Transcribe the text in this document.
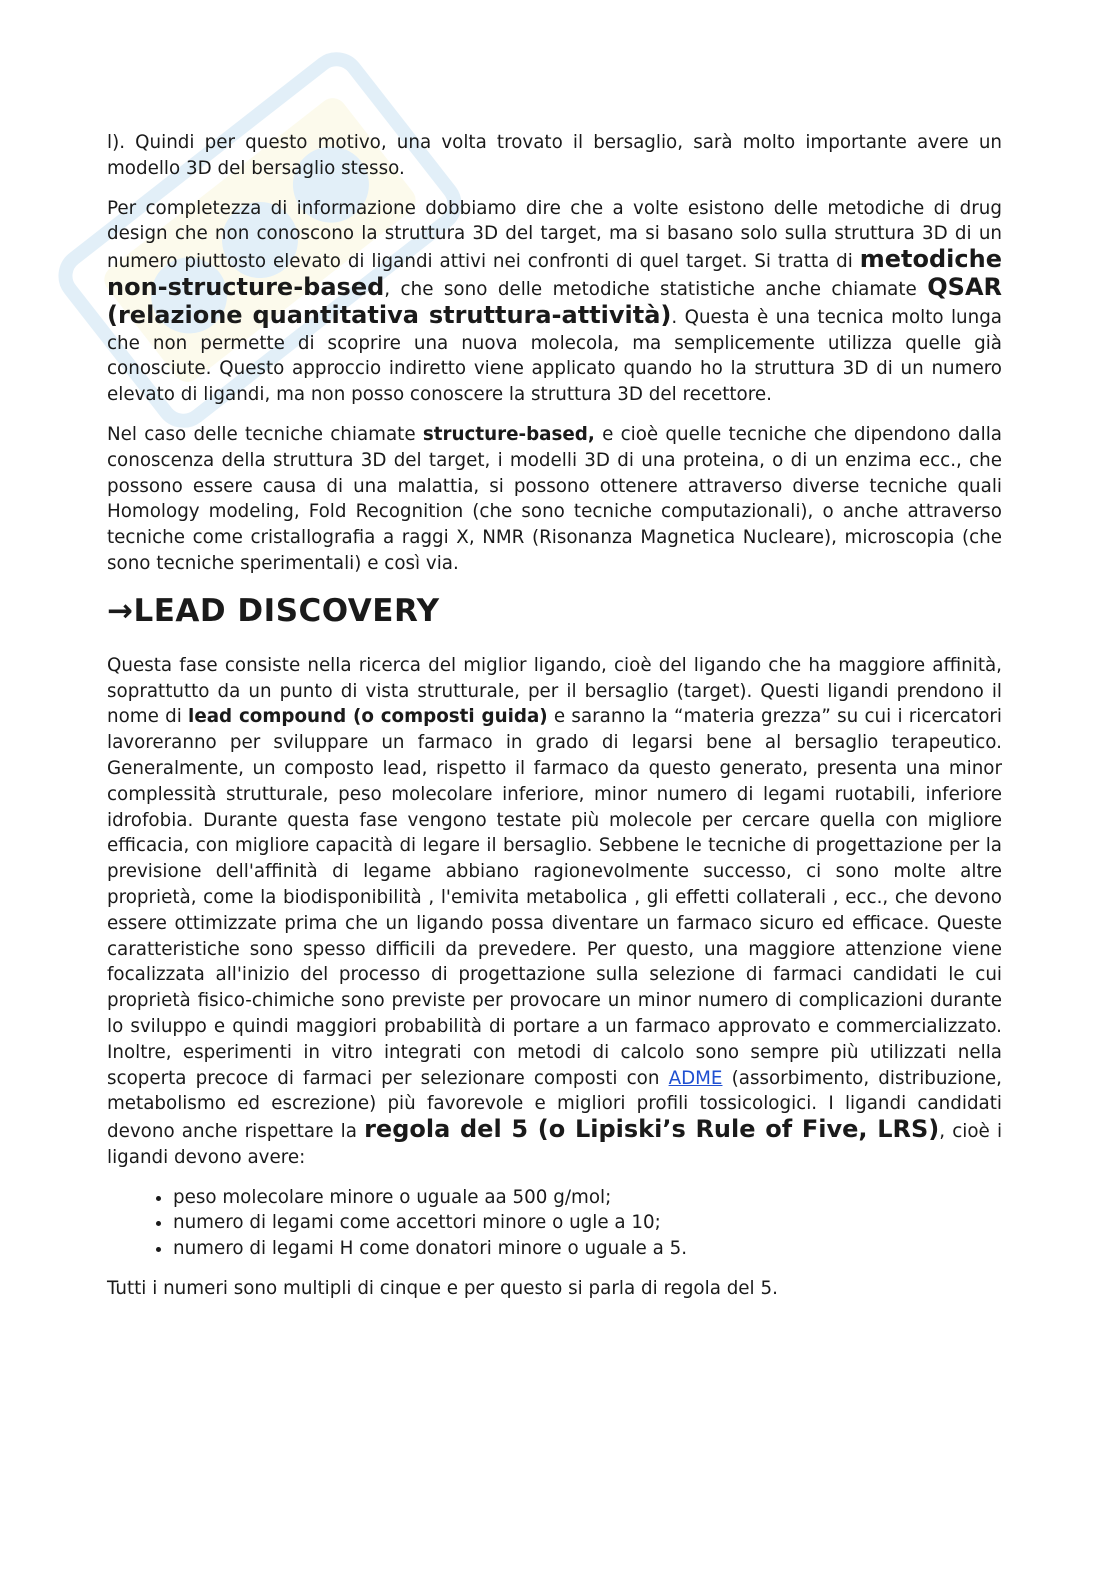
l). Quindi per questo motivo, una volta trovato il bersaglio, sarà molto importante avere un modello 3D del bersaglio stesso.

Per completezza di informazione dobbiamo dire che a volte esistono delle metodiche di drug design che non conoscono la struttura 3D del target, ma si basano solo sulla struttura 3D di un numero piuttosto elevato di ligandi attivi nei confronti di quel target. Si tratta di metodiche non-structure-based, che sono delle metodiche statistiche anche chiamate QSAR (relazione quantitativa struttura-attività). Questa è una tecnica molto lunga che non permette di scoprire una nuova molecola, ma semplicemente utilizza quelle già conosciute. Questo approccio indiretto viene applicato quando ho la struttura 3D di un numero elevato di ligandi, ma non posso conoscere la struttura 3D del recettore.

Nel caso delle tecniche chiamate structure-based, e cioè quelle tecniche che dipendono dalla conoscenza della struttura 3D del target, i modelli 3D di una proteina, o di un enzima ecc., che possono essere causa di una malattia, si possono ottenere attraverso diverse tecniche quali Homology modeling, Fold Recognition (che sono tecniche computazionali), o anche attraverso tecniche come cristallografia a raggi X, NMR (Risonanza Magnetica Nucleare), microscopia (che sono tecniche sperimentali) e così via.

→LEAD DISCOVERY

Questa fase consiste nella ricerca del miglior ligando, cioè del ligando che ha maggiore affinità, soprattutto da un punto di vista strutturale, per il bersaglio (target). Questi ligandi prendono il nome di lead compound (o composti guida) e saranno la “materia grezza” su cui i ricercatori lavoreranno per sviluppare un farmaco in grado di legarsi bene al bersaglio terapeutico. Generalmente, un composto lead, rispetto il farmaco da questo generato, presenta una minor complessità strutturale, peso molecolare inferiore, minor numero di legami ruotabili, inferiore idrofobia. Durante questa fase vengono testate più molecole per cercare quella con migliore efficacia, con migliore capacità di legare il bersaglio. Sebbene le tecniche di progettazione per la previsione dell'affinità di legame abbiano ragionevolmente successo, ci sono molte altre proprietà, come la biodisponibilità , l'emivita metabolica , gli effetti collaterali , ecc., che devono essere ottimizzate prima che un ligando possa diventare un farmaco sicuro ed efficace. Queste caratteristiche sono spesso difficili da prevedere. Per questo, una maggiore attenzione viene focalizzata all'inizio del processo di progettazione sulla selezione di farmaci candidati le cui proprietà fisico-chimiche sono previste per provocare un minor numero di complicazioni durante lo sviluppo e quindi maggiori probabilità di portare a un farmaco approvato e commercializzato. Inoltre, esperimenti in vitro integrati con metodi di calcolo sono sempre più utilizzati nella scoperta precoce di farmaci per selezionare composti con ADME (assorbimento, distribuzione, metabolismo ed escrezione) più favorevole e migliori profili tossicologici. I ligandi candidati devono anche rispettare la regola del 5 (o Lipiski’s Rule of Five, LRS), cioè i ligandi devono avere:

• peso molecolare minore o uguale aa 500 g/mol;
• numero di legami come accettori minore o ugle a 10;
• numero di legami H come donatori minore o uguale a 5.

Tutti i numeri sono multipli di cinque e per questo si parla di regola del 5.
